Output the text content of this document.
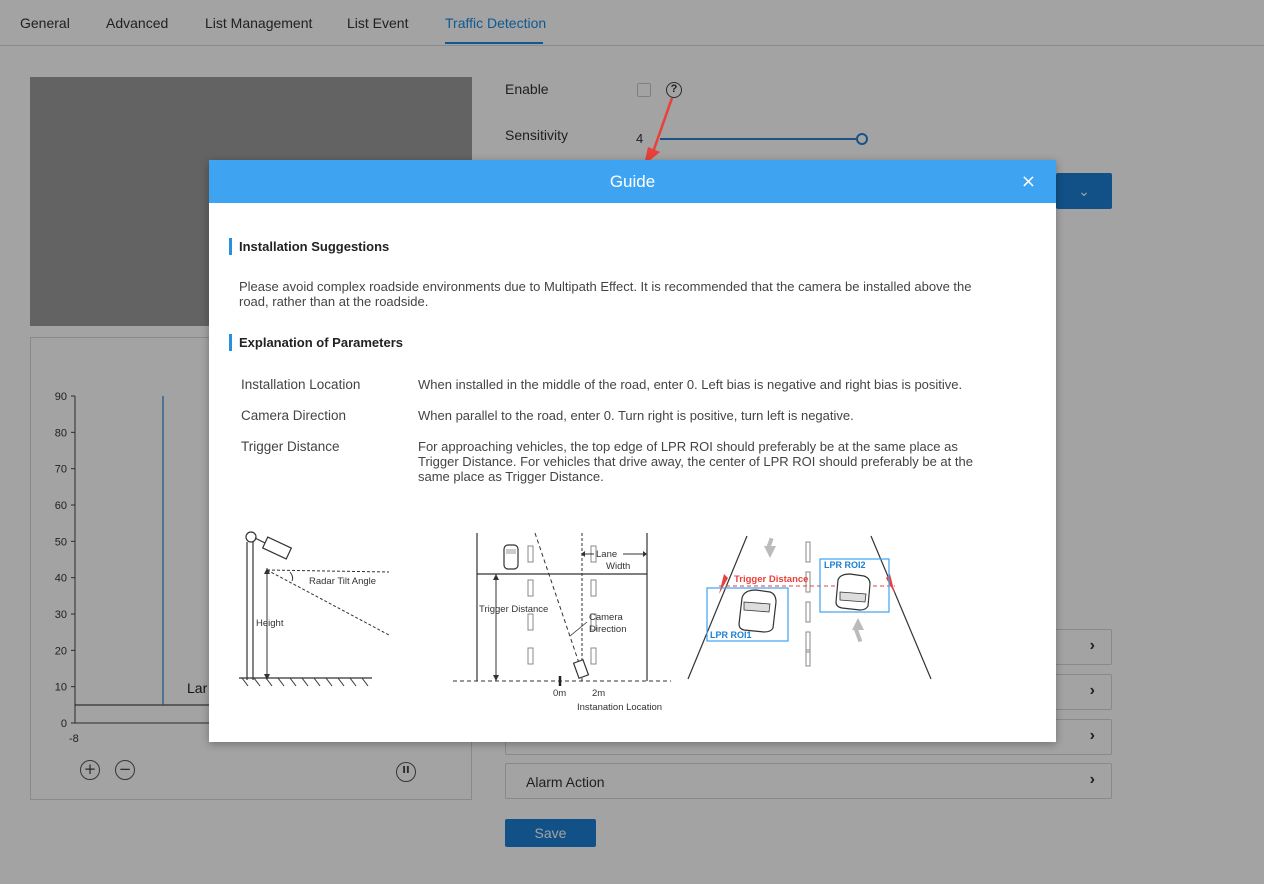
General	Advanced	List Management List Event	Traffic Detection
90
80
70
60
50
40
30
20
10
0
-8
Lar
+ −	II
Enable	?
Sensitivity	4
⌄
›
›
›
Alarm Action	›
Save
Guide	×
Installation Suggestions
Please avoid complex roadside environments due to Multipath Effect. It is recommended that the camera be installed above the road, rather than at the roadside.
Explanation of Parameters
Installation Location	When installed in the middle of the road, enter 0. Left bias is negative and right bias is positive.
Camera Direction	When parallel to the road, enter 0. Turn right is positive, turn left is negative.
Trigger Distance	For approaching vehicles, the top edge of LPR ROI should preferably be at the same place as Trigger Distance. For vehicles that drive away, the center of LPR ROI should preferably be at the same place as Trigger Distance.
Radar Tilt Angle
Height
Trigger Distance
Camera
Direction
Lane
Width
0m	2m
Instanation Location
Trigger Distance
LPR ROI1
LPR ROI2
